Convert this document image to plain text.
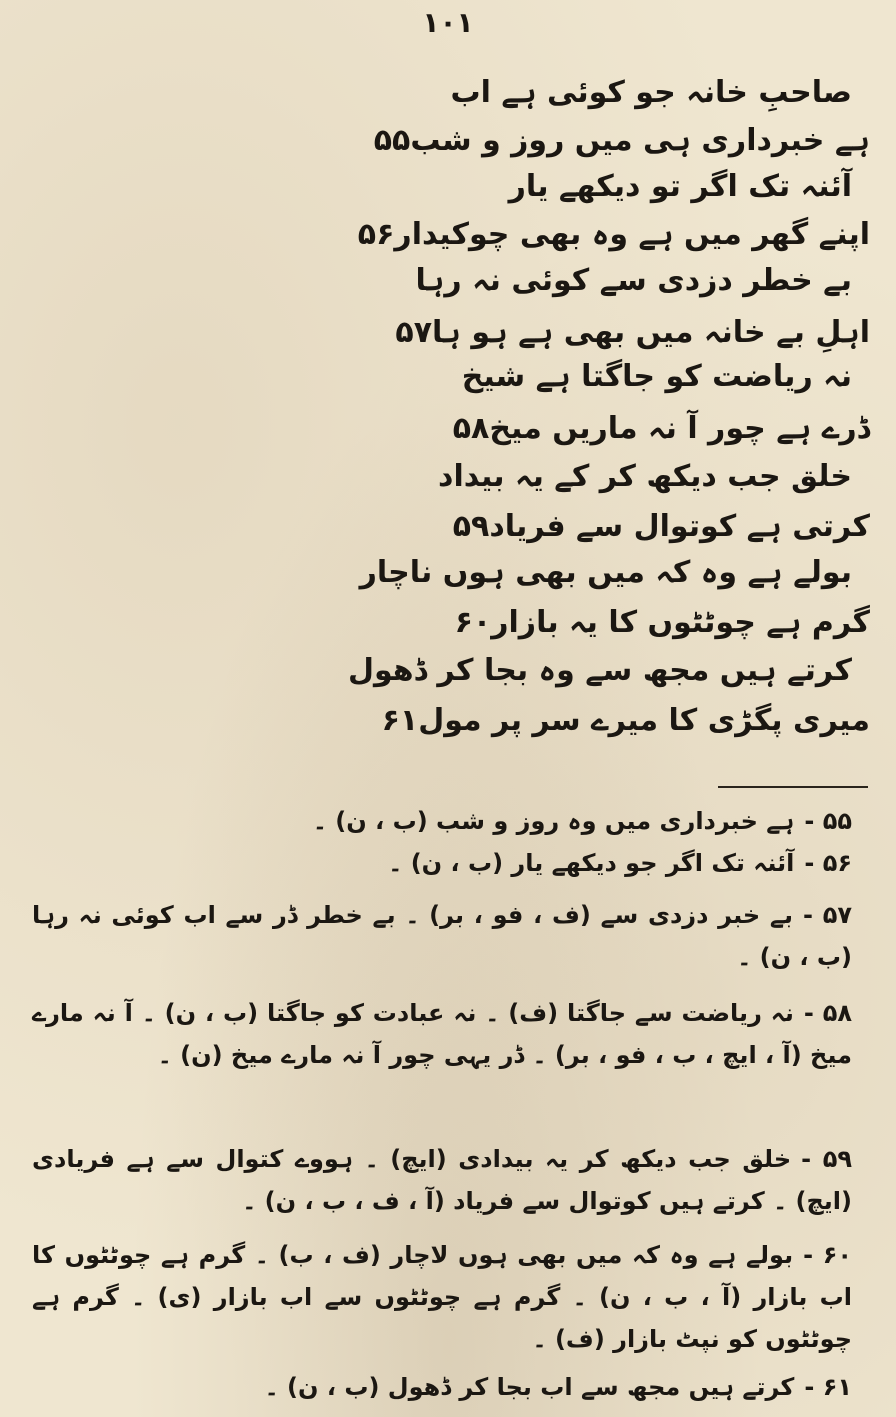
۱۰۱
صاحبِ خانہ جو کوئی ہے اب
ہے خبرداری ہی میں روز و شب۵۵
آئنہ تک اگر تو دیکھے یار
اپنے گھر میں ہے وہ بھی چوکیدار۵۶
بے خطر دزدی سے کوئی نہ رہا
اہلِ بے خانہ میں بھی ہے ہو ہا۵۷
نہ ریاضت کو جاگتا ہے شیخ
ڈرے ہے چور آ نہ ماریں میخ۵۸
خلق جب دیکھ کر کے یہ بیداد
کرتی ہے کوتوال سے فریاد۵۹
بولے ہے وہ کہ میں بھی ہوں ناچار
گرم ہے چوٹٹوں کا یہ بازار۶۰
کرتے ہیں مجھ سے وہ بجا کر ڈھول
میری پگڑی کا میرے سر پر مول۶۱
۵۵ -ہے خبرداری میں وہ روز و شب (ب ، ن) ۔
۵۶ -آئنہ تک اگر جو دیکھے یار (ب ، ن) ۔
۵۷ -بے خبر دزدی سے (ف ، فو ، بر) ۔ بے خطر ڈر سے اب کوئی نہ رہا (ب ، ن) ۔
۵۸ -نہ ریاضت سے جاگتا (ف) ۔ نہ عبادت کو جاگتا (ب ، ن) ۔ آ نہ مارے میخ (آ ، ایچ ، ب ، فو ، بر) ۔ ڈر یہی چور آ نہ مارے میخ (ن) ۔
۵۹ -خلق جب دیکھ کر یہ بیدادی (ایچ) ۔ ہووے کتوال سے ہے فریادی (ایچ) ۔ کرتے ہیں کوتوال سے فریاد (آ ، ف ، ب ، ن) ۔
۶۰ -بولے ہے وہ کہ میں بھی ہوں لاچار (ف ، ب) ۔ گرم ہے چوٹٹوں کا اب بازار (آ ، ب ، ن) ۔ گرم ہے چوٹٹوں سے اب بازار (ی) ۔ گرم ہے چوٹٹوں کو نپٹ بازار (ف) ۔
۶۱ -کرتے ہیں مجھ سے اب بجا کر ڈھول (ب ، ن) ۔
